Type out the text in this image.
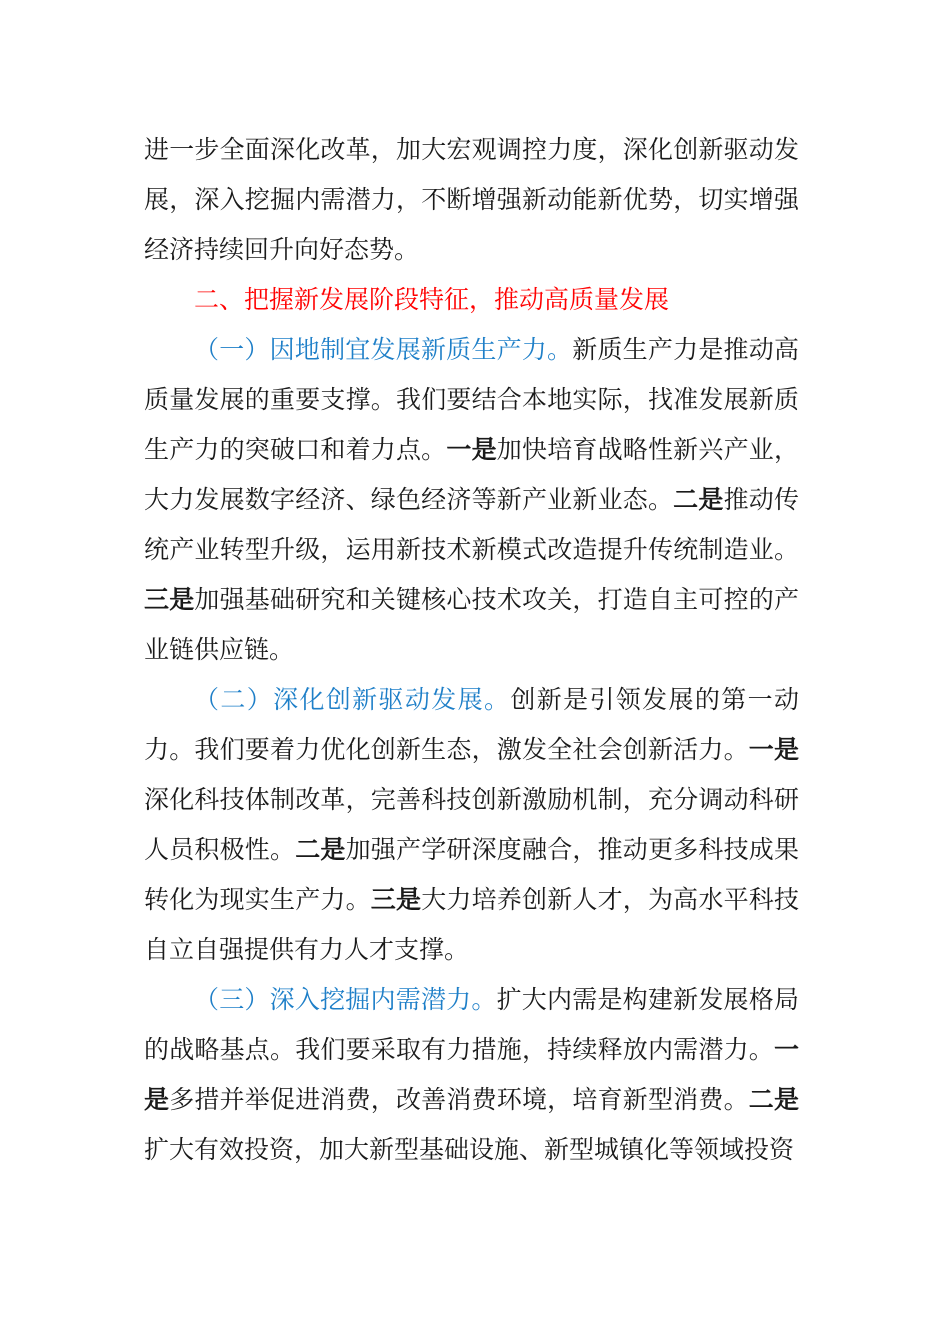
进一步全面深化改革，加大宏观调控力度，深化创新驱动发展，深入挖掘内需潜力，不断增强新动能新优势，切实增强经济持续回升向好态势。

二、把握新发展阶段特征，推动高质量发展

（一）因地制宜发展新质生产力。新质生产力是推动高质量发展的重要支撑。我们要结合本地实际，找准发展新质生产力的突破口和着力点。一是加快培育战略性新兴产业，大力发展数字经济、绿色经济等新产业新业态。二是推动传统产业转型升级，运用新技术新模式改造提升传统制造业。三是加强基础研究和关键核心技术攻关，打造自主可控的产业链供应链。

（二）深化创新驱动发展。创新是引领发展的第一动力。我们要着力优化创新生态，激发全社会创新活力。一是深化科技体制改革，完善科技创新激励机制，充分调动科研人员积极性。二是加强产学研深度融合，推动更多科技成果转化为现实生产力。三是大力培养创新人才，为高水平科技自立自强提供有力人才支撑。

（三）深入挖掘内需潜力。扩大内需是构建新发展格局的战略基点。我们要采取有力措施，持续释放内需潜力。一是多措并举促进消费，改善消费环境，培育新型消费。二是扩大有效投资，加大新型基础设施、新型城镇化等领域投资
